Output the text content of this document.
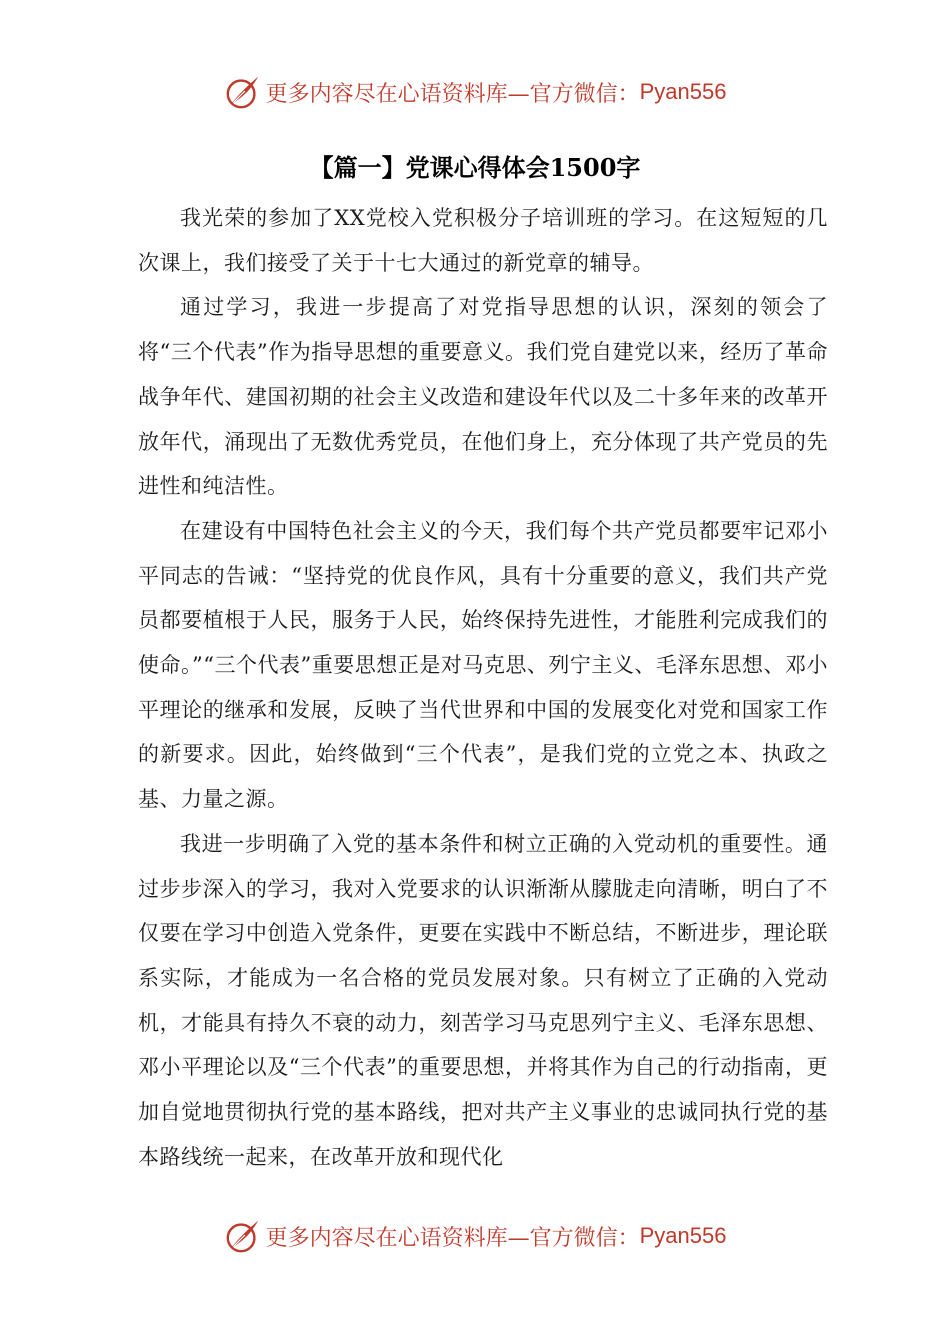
更多内容尽在心语资料库—官方微信： Pyan556
【篇一】党课心得体会1500字

我光荣的参加了XX党校入党积极分子培训班的学习。在这短短的几次课上，我们接受了关于十七大通过的新党章的辅导。

通过学习，我进一步提高了对党指导思想的认识，深刻的领会了将“三个代表”作为指导思想的重要意义。我们党自建党以来，经历了革命战争年代、建国初期的社会主义改造和建设年代以及二十多年来的改革开放年代，涌现出了无数优秀党员，在他们身上，充分体现了共产党员的先进性和纯洁性。

在建设有中国特色社会主义的今天，我们每个共产党员都要牢记邓小平同志的告诫：“坚持党的优良作风，具有十分重要的意义，我们共产党员都要植根于人民，服务于人民，始终保持先进性，才能胜利完成我们的使命。”“三个代表”重要思想正是对马克思、列宁主义、毛泽东思想、邓小平理论的继承和发展，反映了当代世界和中国的发展变化对党和国家工作的新要求。因此，始终做到“三个代表”，是我们党的立党之本、执政之基、力量之源。

我进一步明确了入党的基本条件和树立正确的入党动机的重要性。通过步步深入的学习，我对入党要求的认识渐渐从朦胧走向清晰，明白了不仅要在学习中创造入党条件，更要在实践中不断总结，不断进步，理论联系实际，才能成为一名合格的党员发展对象。只有树立了正确的入党动机，才能具有持久不衰的动力，刻苦学习马克思列宁主义、毛泽东思想、邓小平理论以及“三个代表”的重要思想，并将其作为自己的行动指南，更加自觉地贯彻执行党的基本路线，把对共产主义事业的忠诚同执行党的基本路线统一起来，在改革开放和现代化

更多内容尽在心语资料库—官方微信： Pyan556
